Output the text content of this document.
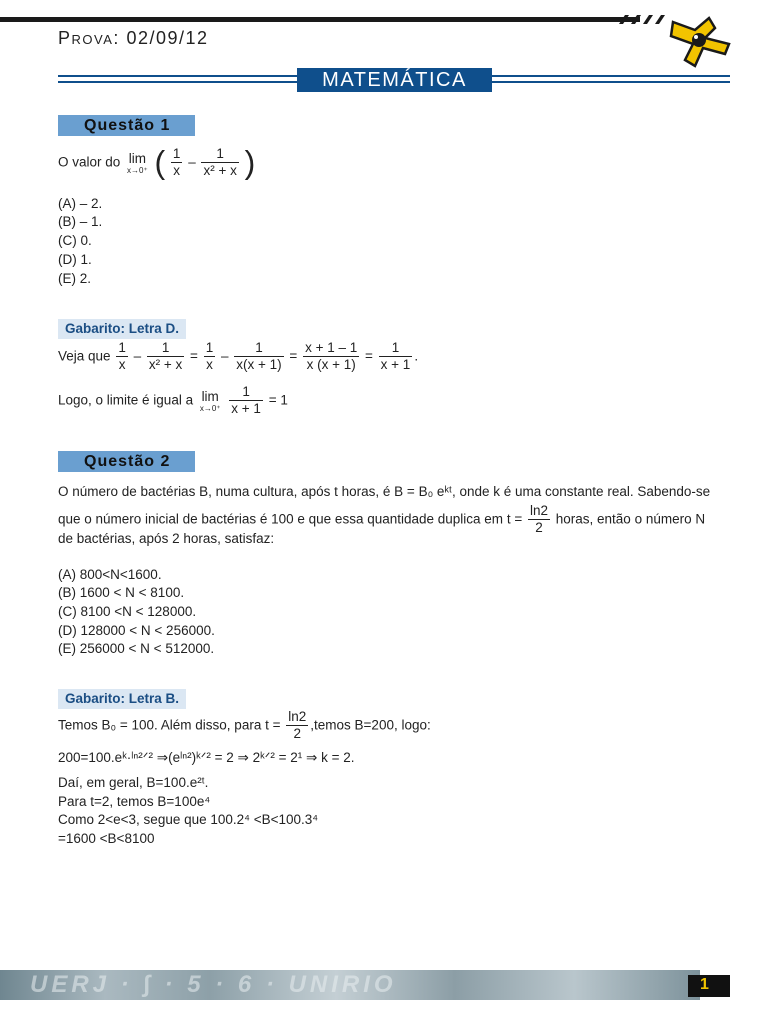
PROVA: 02/09/12
MATEMÁTICA
Questão 1
O valor do lim
x→0⁺ ( $\frac{1}{x} - \frac{1}{\text{x² + x}}$ )
(A) – 2.
(B) – 1.
(C) 0.
(D) 1.
(E) 2.
Gabarito: Letra D.
Veja que $\frac{1}{x} - \frac{1}{\text{x² + x}} = \frac{1}{x} - \frac{1}{x(x + 1)} = \frac{x + 1 - 1}{x (x + 1)} = \frac{1}{x + 1}$ .
Logo, o limite é igual a lim
x→0⁺
$\frac{1}{x + 1} = 1$
Questão 2
O número de bactérias B, numa cultura, após t horas, é B = B₀ eᵏᵗ, onde k é uma constante real. Sabendo-se
que o número inicial de bactérias é 100 e que essa quantidade duplica em $t = \frac{\ln 2}{2}$ horas, então o número N
de bactérias, após 2 horas, satisfaz:
(A) 800<N<1600.
(B) 1600 < N < 8100.
(C) 8100 <N < 128000.
(D) 128000 < N < 256000.
(E) 256000 < N < 512000.
Gabarito: Letra B.
Temos B₀ = 100. Além disso, para $t = \frac{\ln 2}{2}$ ,temos B=200, logo:
200=100.eᵏ·ˡⁿ²ᐟ² ⇒(eˡⁿ²)ᵏᐟ² = 2 ⇒ 2ᵏᐟ² = 2¹ ⇒ k = 2.
Daí, em geral, B=100.e²ᵗ.
Para t=2, temos B=100e⁴
Como 2<e<3, segue que 100.2⁴ <B<100.3⁴
=1600 <B<8100
UERJ · ∫ · 5 · 6 · UNIRIO	1
